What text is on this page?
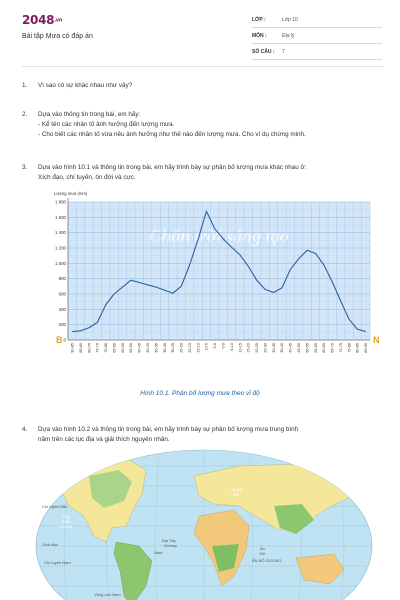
2048.vn
Bài tập Mưa có đáp án
LỚP :	Lớp 10
MÔN :	Địa lý
SỐ CÂU : 7
1. Vì sao có sự khác nhau như vậy?
2. Dựa vào thông tin trong bài, em hãy:
- Kể tên các nhân tố ảnh hưởng đến lượng mưa.
- Cho biết các nhân tố vừa nêu ảnh hưởng như thế nào đến lượng mưa. Cho ví dụ chứng minh.
3. Dựa vào hình 10.1 và thông tin trong bài, em hãy trình bày sự phân bố lượng mưa khác nhau ở:
Xích đạo, chí tuyến, ôn đới và cực.
Chân trời sáng tạo
0
200
400
600
800
1 000
1 200
1 400
1 600
1 800
Lượng mưa (mm)
90-85 85-80 80-75 75-70 70-65 65-60 60-55 55-50 50-45 45-40 40-35 35-30 30-25 25-20 20-15 15-10 10-5 5-0 0-5 5-10 10-15 15-20 20-25 25-30 30-35 35-40 40-45 45-50 50-55 55-60 60-65 65-70 70-75 75-80 80-85 85-90
B	N
Hình 10.1. Phân bố lượng mưa theo vĩ độ
4. Dựa vào hình 10.2 và thông tin trong bài, em hãy trình bày sự phân bố lượng mưa trung bình
năm trên các lục địa và giải thích nguyên nhân.
CHÂU
ÂU
Thái
Bình
Dương
Ấn
Độ
Đại Tây
Dương
Nam
Vòng cực Nam
Chí tuyến Bắc
Xích đạo
Chí tuyến Nam	ẤN ĐỘ DƯƠNG
